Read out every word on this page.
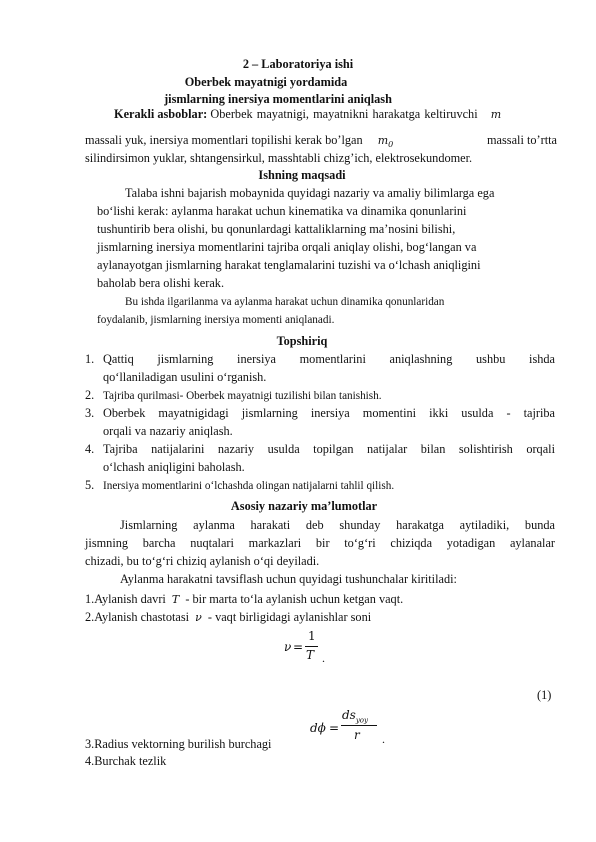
2 – Laboratoriya ishi
Oberbek mayatnigi yordamida
jismlarning inersiya momentlarini aniqlash
Kerakli asboblar: Oberbek mayatnigi, mayatnikni harakatga keltiruvchi m
massali yuk, inersiya momentlari topilishi kerak bo’lgan $m_0$	massali to’rtta
silindirsimon yuklar, shtangensirkul, masshtabli chizg’ich, elektrosekundomer.
Ishning maqsadi
Talaba ishni bajarish mobaynida quyidagi nazariy va amaliy bilimlarga ega
bo‘lishi kerak: aylanma harakat uchun kinematika va dinamika qonunlarini
tushuntirib bera olishi, bu qonunlardagi kattaliklarning ma’nosini bilishi,
jismlarning inersiya momentlarini tajriba orqali aniqlay olishi, bog‘langan va
aylanayotgan jismlarning harakat tenglamalarini tuzishi va o‘lchash aniqligini
baholab bera olishi kerak.
Bu ishda ilgarilanma va aylanma harakat uchun dinamika qonunlaridan
foydalanib, jismlarning inersiya momenti aniqlanadi.
Topshiriq
1. Qattiq jismlarning inersiya momentlarini aniqlashning ushbu ishda
qo‘llaniladigan usulini o‘rganish.
2. Tajriba qurilmasi- Oberbek mayatnigi tuzilishi bilan tanishish.
3. Oberbek mayatnigidagi jismlarning inersiya momentini ikki usulda - tajriba
orqali va nazariy aniqlash.
4. Tajriba natijalarini nazariy usulda topilgan natijalar bilan solishtirish orqali
o‘lchash aniqligini baholash.
5. Inersiya momentlarini o‘lchashda olingan natijalarni tahlil qilish.
Asosiy nazariy ma’lumotlar
Jismlarning aylanma harakati deb shunday harakatga aytiladiki, bunda
jismning barcha nuqtalari markazlari bir to‘g‘ri chiziqda yotadigan aylanalar
chizadi, bu to‘g‘ri chiziq aylanish o‘qi deyiladi.
Aylanma harakatni tavsiflash uchun quyidagi tushunchalar kiritiladi:
1.Aylanish davri T - bir marta to‘la aylanish uchun ketgan vaqt.
2.Aylanish chastotasi ν - vaqt birligidagi aylanishlar soni
ν =
1
T .
(1)
3.Radius vektorning burilish burchagi
dϕ =
$ds_{yoy}$
r .
4.Burchak tezlik
